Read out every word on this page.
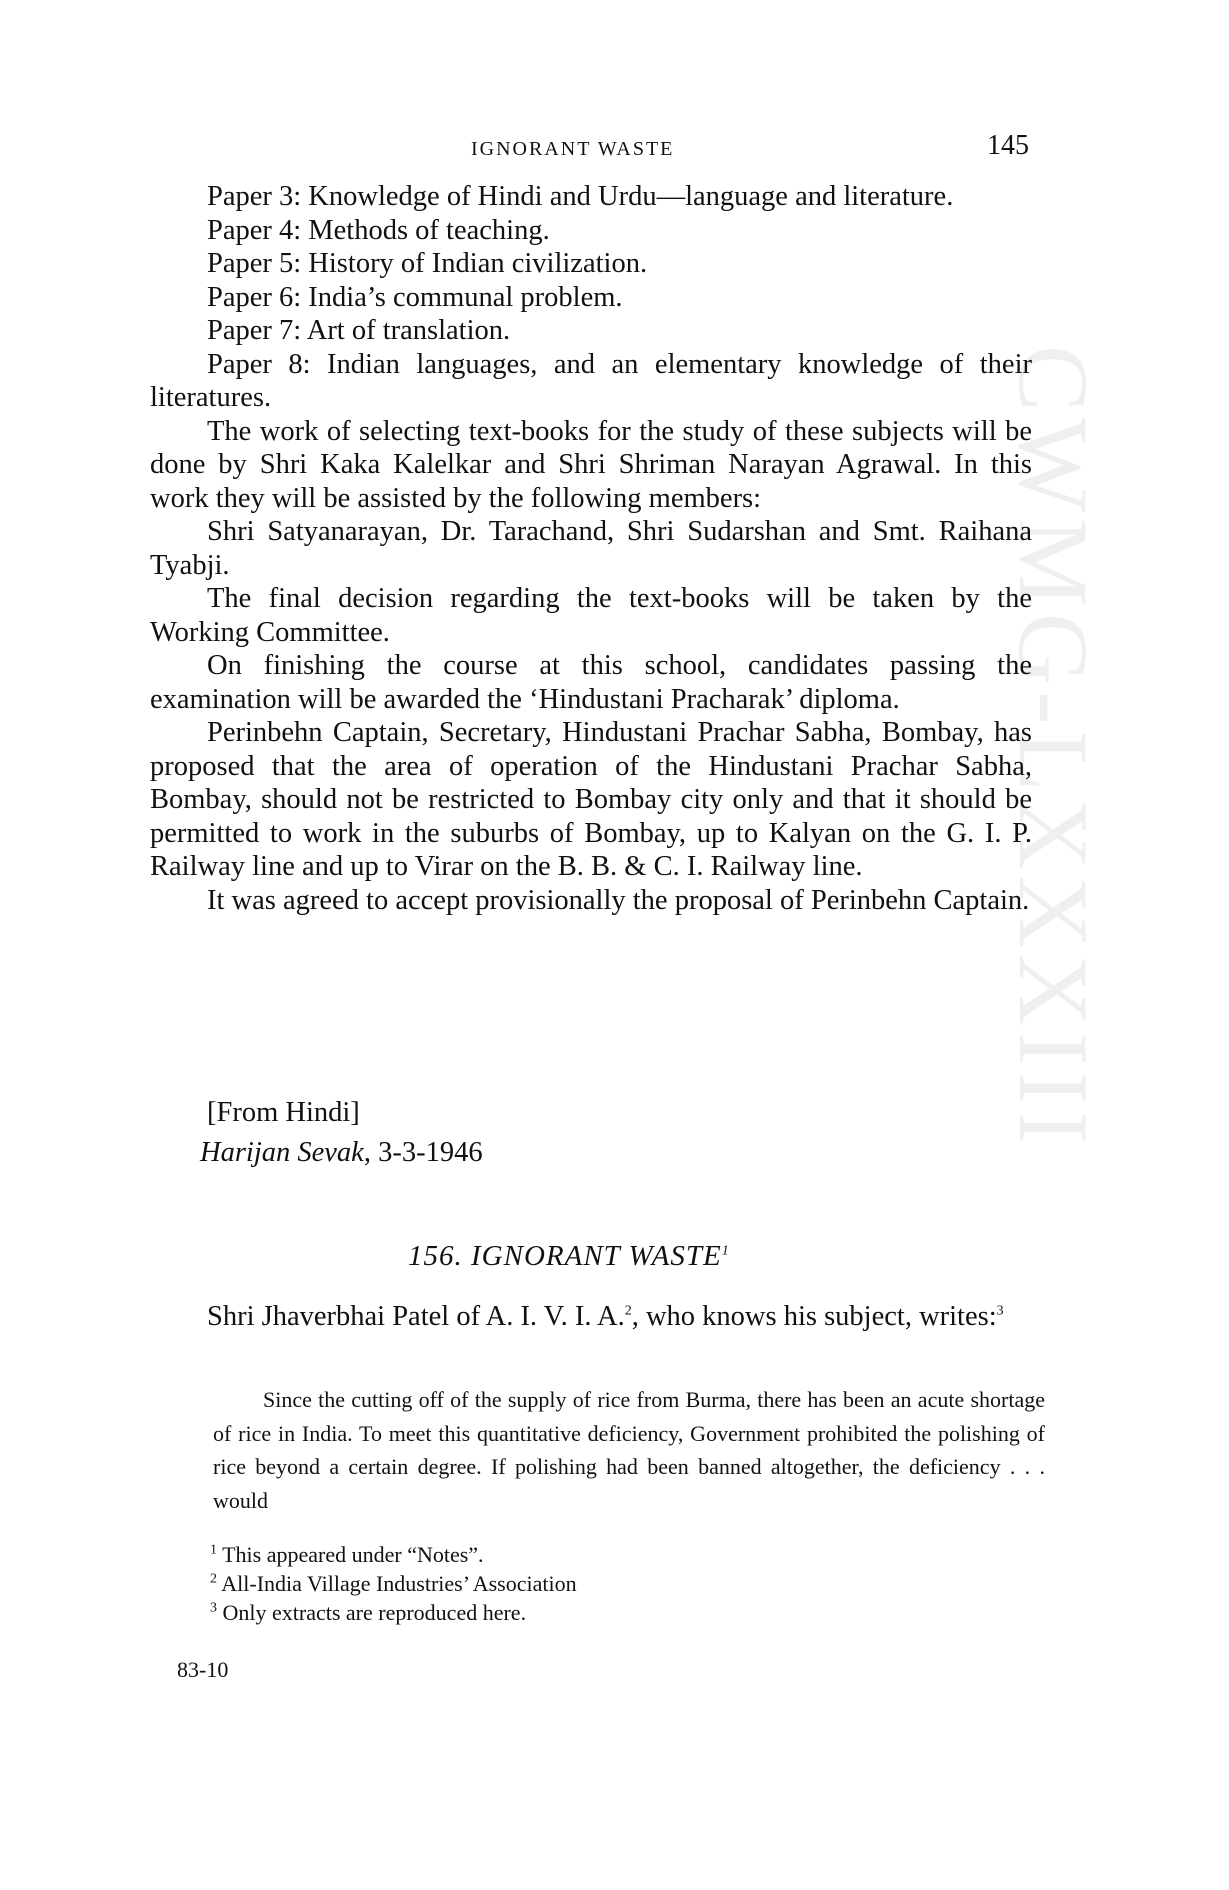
CWMG-LXXXIII
IGNORANT WASTE	145

Paper 3: Knowledge of Hindi and Urdu—language and literature.

Paper 4: Methods of teaching.

Paper 5: History of Indian civilization.

Paper 6: India’s communal problem.

Paper 7: Art of translation.

Paper 8: Indian languages, and an elementary knowledge of their literatures.

The work of selecting text-books for the study of these subjects will be done by Shri Kaka Kalelkar and Shri Shriman Narayan Agrawal. In this work they will be assisted by the following members:

Shri Satyanarayan, Dr. Tarachand, Shri Sudarshan and Smt. Raihana Tyabji.

The final decision regarding the text-books will be taken by the Working Committee.

On finishing the course at this school, candidates passing the examination will be awarded the ‘Hindustani Pracharak’ diploma.

Perinbehn Captain, Secretary, Hindustani Prachar Sabha, Bombay, has proposed that the area of operation of the Hindustani Prachar Sabha, Bombay, should not be restricted to Bombay city only and that it should be permitted to work in the suburbs of Bombay, up to Kalyan on the G. I. P. Railway line and up to Virar on the B. B. & C. I. Railway line.

It was agreed to accept provisionally the proposal of Perinbehn Captain.

[From Hindi]
Harijan Sevak, 3-3-1946
156. IGNORANT WASTE$^1$

Shri Jhaverbhai Patel of A. I. V. I. A.$^2$, who knows his subject, writes:$^3$

Since the cutting off of the supply of rice from Burma, there has been an acute shortage of rice in India. To meet this quantitative deficiency, Government prohibited the polishing of rice beyond a certain degree. If polishing had been banned altogether, the deficiency . . . would

$^1$ This appeared under “Notes”.
$^2$ All-India Village Industries’ Association
$^3$ Only extracts are reproduced here.
83-10
